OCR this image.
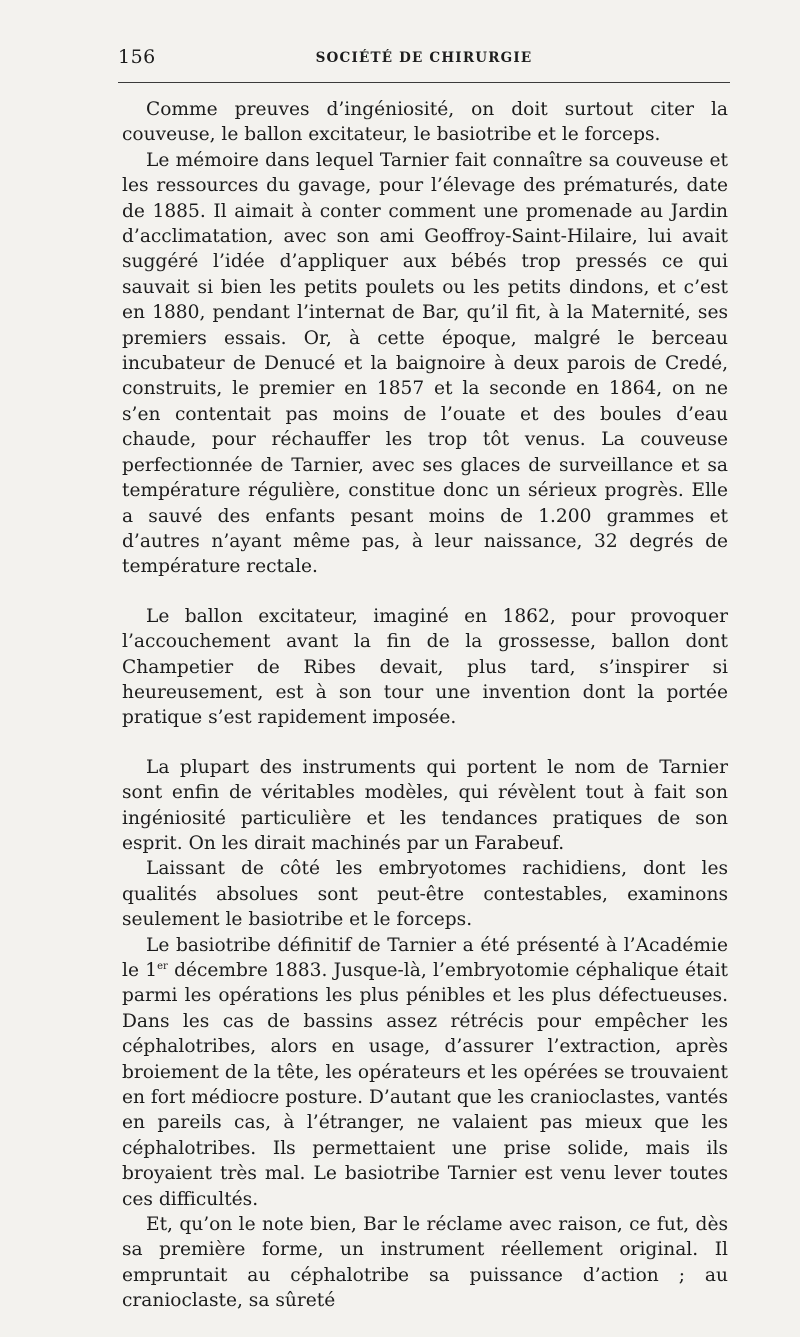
156	SOCIÉTÉ DE CHIRURGIE

Comme preuves d’ingéniosité, on doit surtout citer la couveuse, le ballon excitateur, le basiotribe et le forceps.

Le mémoire dans lequel Tarnier fait connaître sa couveuse et les ressources du gavage, pour l’élevage des prématurés, date de 1885. Il aimait à conter comment une promenade au Jardin d’acclimatation, avec son ami Geoffroy-Saint-Hilaire, lui avait suggéré l’idée d’appliquer aux bébés trop pressés ce qui sauvait si bien les petits poulets ou les petits dindons, et c’est en 1880, pendant l’internat de Bar, qu’il fit, à la Maternité, ses premiers essais. Or, à cette époque, malgré le berceau incubateur de Denucé et la baignoire à deux parois de Credé, construits, le premier en 1857 et la seconde en 1864, on ne s’en contentait pas moins de l’ouate et des boules d’eau chaude, pour réchauffer les trop tôt venus. La couveuse perfectionnée de Tarnier, avec ses glaces de surveillance et sa température régulière, constitue donc un sérieux progrès. Elle a sauvé des enfants pesant moins de 1.200 grammes et d’autres n’ayant même pas, à leur naissance, 32 degrés de température rectale.

Le ballon excitateur, imaginé en 1862, pour provoquer l’accouchement avant la fin de la grossesse, ballon dont Champetier de Ribes devait, plus tard, s’inspirer si heureusement, est à son tour une invention dont la portée pratique s’est rapidement imposée.

La plupart des instruments qui portent le nom de Tarnier sont enfin de véritables modèles, qui révèlent tout à fait son ingéniosité particulière et les tendances pratiques de son esprit. On les dirait machinés par un Farabeuf.

Laissant de côté les embryotomes rachidiens, dont les qualités absolues sont peut-être contestables, examinons seulement le basiotribe et le forceps.

Le basiotribe définitif de Tarnier a été présenté à l’Académie le 1er décembre 1883. Jusque-là, l’embryotomie céphalique était parmi les opérations les plus pénibles et les plus défectueuses. Dans les cas de bassins assez rétrécis pour empêcher les céphalotribes, alors en usage, d’assurer l’extraction, après broiement de la tête, les opérateurs et les opérées se trouvaient en fort médiocre posture. D’autant que les cranioclastes, vantés en pareils cas, à l’étranger, ne valaient pas mieux que les céphalotribes. Ils permettaient une prise solide, mais ils broyaient très mal. Le basiotribe Tarnier est venu lever toutes ces difficultés.

Et, qu’on le note bien, Bar le réclame avec raison, ce fut, dès sa première forme, un instrument réellement original. Il empruntait au céphalotribe sa puissance d’action ; au cranioclaste, sa sûreté
